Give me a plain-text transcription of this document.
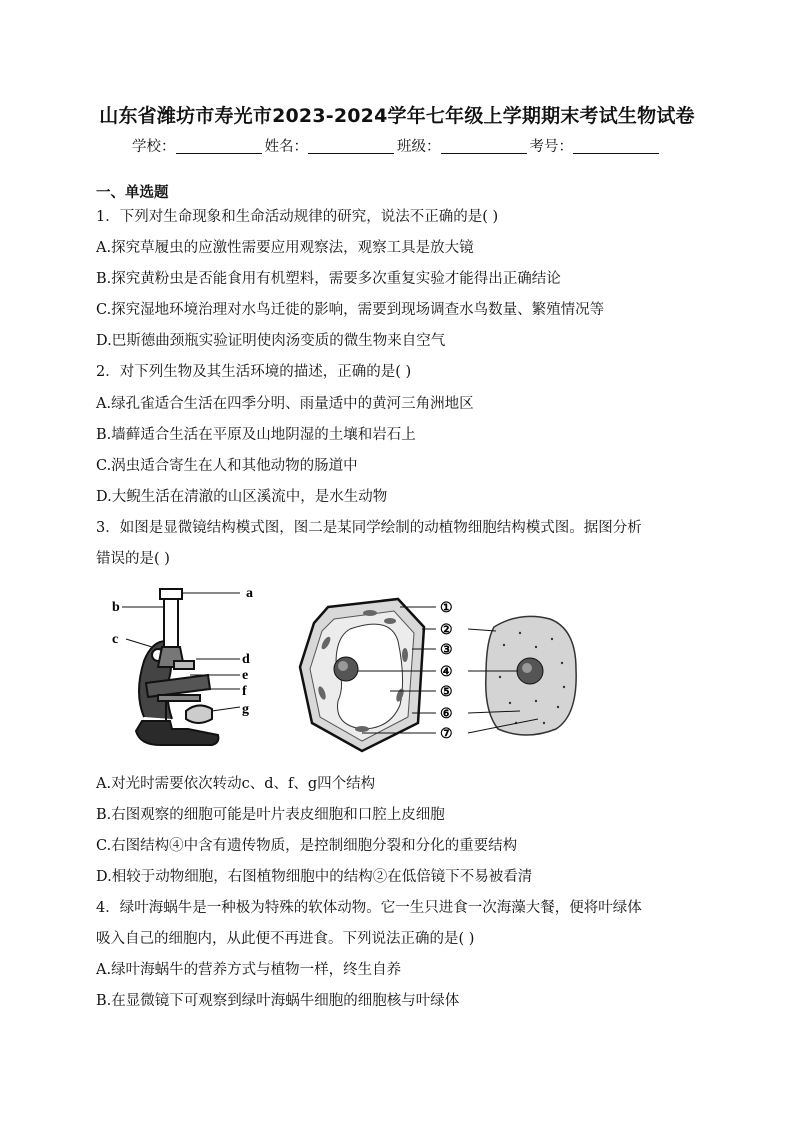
山东省潍坊市寿光市2023-2024学年七年级上学期期末考试生物试卷
学校：	姓名：	班级：	考号：
一、单选题
1．下列对生命现象和生命活动规律的研究，说法不正确的是( )
A.探究草履虫的应激性需要应用观察法，观察工具是放大镜
B.探究黄粉虫是否能食用有机塑料，需要多次重复实验才能得出正确结论
C.探究湿地环境治理对水鸟迁徙的影响，需要到现场调查水鸟数量、繁殖情况等
D.巴斯德曲颈瓶实验证明使肉汤变质的微生物来自空气
2．对下列生物及其生活环境的描述，正确的是( )
A.绿孔雀适合生活在四季分明、雨量适中的黄河三角洲地区
B.墙藓适合生活在平原及山地阴湿的土壤和岩石上
C.涡虫适合寄生在人和其他动物的肠道中
D.大鲵生活在清澈的山区溪流中，是水生动物
3．如图是显微镜结构模式图，图二是某同学绘制的动植物细胞结构模式图。据图分析
错误的是( )
a
b
c
d
e
f
g
①
②
③
④
⑤
⑥
⑦
A.对光时需要依次转动c、d、f、g四个结构
B.右图观察的细胞可能是叶片表皮细胞和口腔上皮细胞
C.右图结构④中含有遗传物质，是控制细胞分裂和分化的重要结构
D.相较于动物细胞，右图植物细胞中的结构②在低倍镜下不易被看清
4．绿叶海蜗牛是一种极为特殊的软体动物。它一生只进食一次海藻大餐，便将叶绿体
吸入自己的细胞内，从此便不再进食。下列说法正确的是( )
A.绿叶海蜗牛的营养方式与植物一样，终生自养
B.在显微镜下可观察到绿叶海蜗牛细胞的细胞核与叶绿体
